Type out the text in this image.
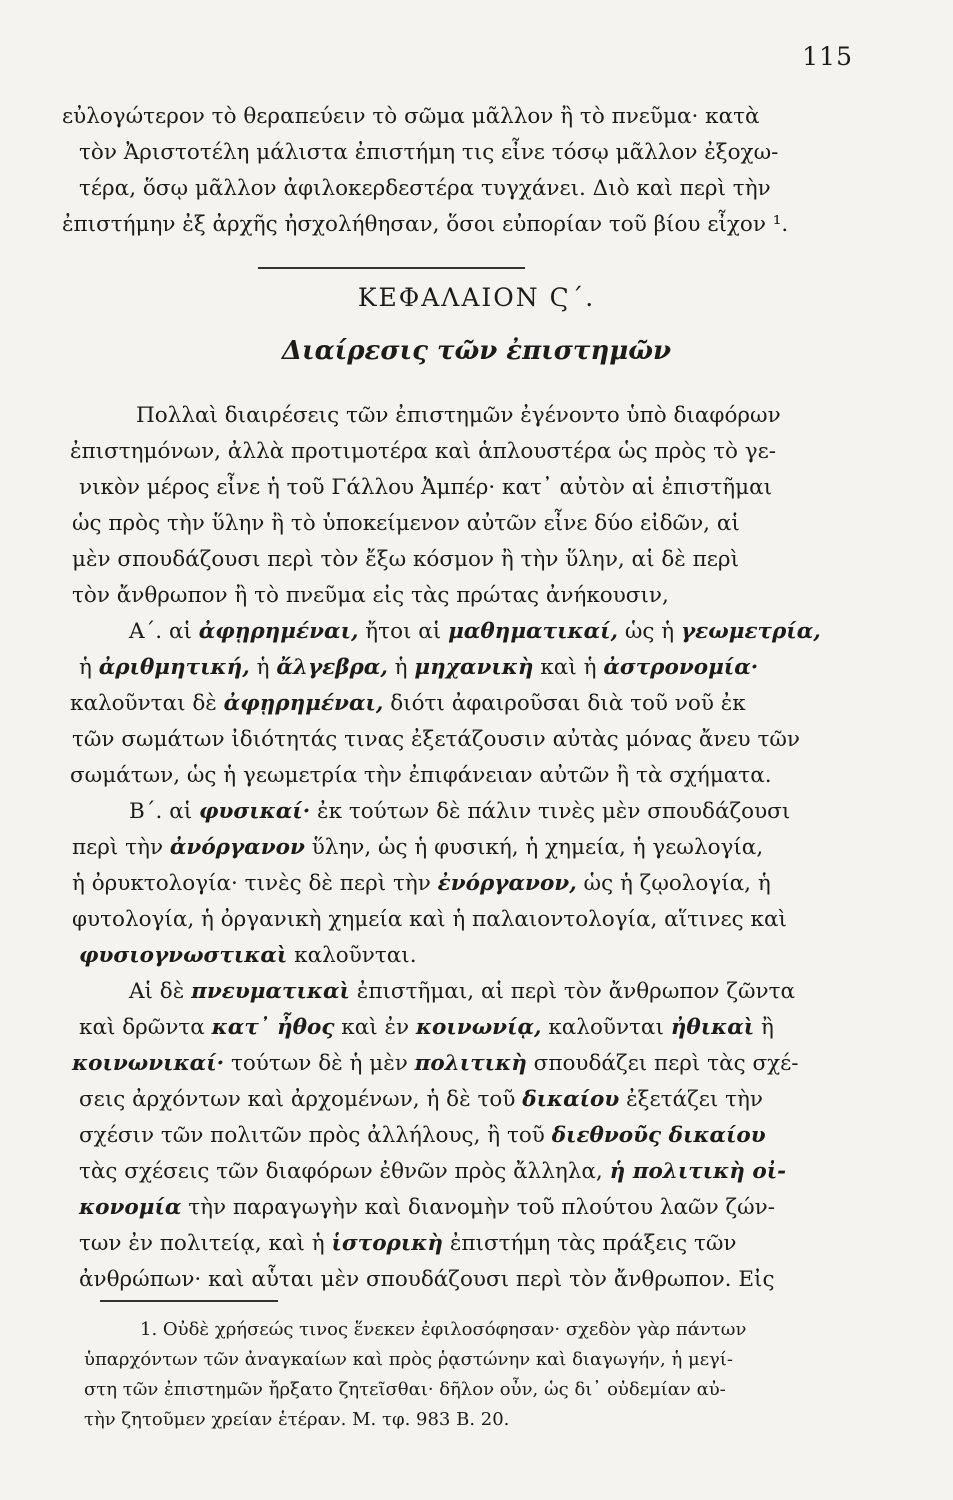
115
εὐλογώτερον τὸ θεραπεύειν τὸ σῶμα μᾶλλον ἢ τὸ πνεῦμα· κατὰ
τὸν Ἀριστοτέλη μάλιστα ἐπιστήμη τις εἶνε τόσῳ μᾶλλον ἐξοχω-
τέρα, ὅσῳ μᾶλλον ἀφιλοκερδεστέρα τυγχάνει. Διὸ καὶ περὶ τὴν
ἐπιστήμην ἐξ ἀρχῆς ἠσχολήθησαν, ὅσοι εὐπορίαν τοῦ βίου εἶχον ¹.
ΚΕΦΑΛΑΙΟΝ Ϛ΄.
Διαίρεσις τῶν ἐπιστημῶν
Πολλαὶ διαιρέσεις τῶν ἐπιστημῶν ἐγένοντο ὑπὸ διαφόρων
ἐπιστημόνων, ἀλλὰ προτιμοτέρα καὶ ἁπλουστέρα ὡς πρὸς τὸ γε-
νικὸν μέρος εἶνε ἡ τοῦ Γάλλου Ἀμπέρ· κατ᾽ αὐτὸν αἱ ἐπιστῆμαι
ὡς πρὸς τὴν ὕλην ἢ τὸ ὑποκείμενον αὐτῶν εἶνε δύο εἰδῶν, αἱ
μὲν σπουδάζουσι περὶ τὸν ἔξω κόσμον ἢ τὴν ὕλην, αἱ δὲ περὶ
τὸν ἄνθρωπον ἢ τὸ πνεῦμα εἰς τὰς πρώτας ἀνήκουσιν,
Α΄. αἱ ἀφῃρημέναι, ἤτοι αἱ μαθηματικαί, ὡς ἡ γεωμετρία,
ἡ ἀριθμητική, ἡ ἄλγεβρα, ἡ μηχανικὴ καὶ ἡ ἀστρονομία·
καλοῦνται δὲ ἀφῃρημέναι, διότι ἀφαιροῦσαι διὰ τοῦ νοῦ ἐκ
τῶν σωμάτων ἰδιότητάς τινας ἐξετάζουσιν αὐτὰς μόνας ἄνευ τῶν
σωμάτων, ὡς ἡ γεωμετρία τὴν ἐπιφάνειαν αὐτῶν ἢ τὰ σχήματα.
Β΄. αἱ φυσικαί· ἐκ τούτων δὲ πάλιν τινὲς μὲν σπουδάζουσι
περὶ τὴν ἀνόργανον ὕλην, ὡς ἡ φυσική, ἡ χημεία, ἡ γεωλογία,
ἡ ὀρυκτολογία· τινὲς δὲ περὶ τὴν ἐνόργανον, ὡς ἡ ζῳολογία, ἡ
φυτολογία, ἡ ὀργανικὴ χημεία καὶ ἡ παλαιοντολογία, αἵτινες καὶ
φυσιογνωστικαὶ καλοῦνται.
Αἱ δὲ πνευματικαὶ ἐπιστῆμαι, αἱ περὶ τὸν ἄνθρωπον ζῶντα
καὶ δρῶντα κατ᾽ ἦθος καὶ ἐν κοινωνίᾳ, καλοῦνται ἠθικαὶ ἢ
κοινωνικαί· τούτων δὲ ἡ μὲν πολιτικὴ σπουδάζει περὶ τὰς σχέ-
σεις ἀρχόντων καὶ ἀρχομένων, ἡ δὲ τοῦ δικαίου ἐξετάζει τὴν
σχέσιν τῶν πολιτῶν πρὸς ἀλλήλους, ἢ τοῦ διεθνοῦς δικαίου
τὰς σχέσεις τῶν διαφόρων ἐθνῶν πρὸς ἄλληλα, ἡ πολιτικὴ οἰ-
κονομία τὴν παραγωγὴν καὶ διανομὴν τοῦ πλούτου λαῶν ζών-
των ἐν πολιτείᾳ, καὶ ἡ ἱστορικὴ ἐπιστήμη τὰς πράξεις τῶν
ἀνθρώπων· καὶ αὗται μὲν σπουδάζουσι περὶ τὸν ἄνθρωπον. Εἰς
1. Οὐδὲ χρήσεώς τινος ἕνεκεν ἐφιλοσόφησαν· σχεδὸν γὰρ πάντων
ὑπαρχόντων τῶν ἀναγκαίων καὶ πρὸς ῥᾳστώνην καὶ διαγωγήν, ἡ μεγί-
στη τῶν ἐπιστημῶν ἤρξατο ζητεῖσθαι· δῆλον οὖν, ὡς δι᾽ οὐδεμίαν αὐ-
τὴν ζητοῦμεν χρείαν ἑτέραν. Μ. τφ. 983 Β. 20.
